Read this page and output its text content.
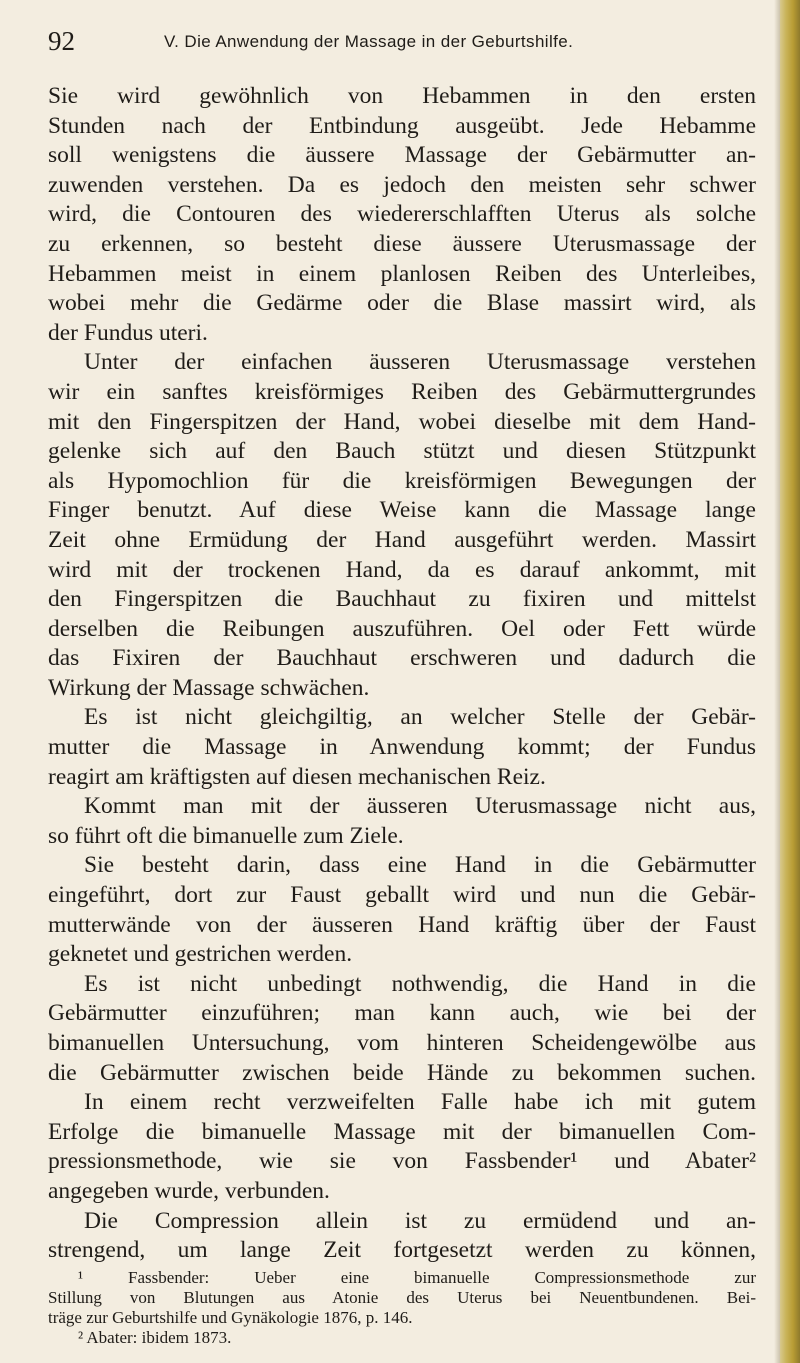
92	V. Die Anwendung der Massage in der Geburtshilfe.
Sie wird gewöhnlich von Hebammen in den ersten
Stunden nach der Entbindung ausgeübt. Jede Hebamme
soll wenigstens die äussere Massage der Gebärmutter an-
zuwenden verstehen. Da es jedoch den meisten sehr schwer
wird, die Contouren des wiedererschlafften Uterus als solche
zu erkennen, so besteht diese äussere Uterusmassage der
Hebammen meist in einem planlosen Reiben des Unterleibes,
wobei mehr die Gedärme oder die Blase massirt wird, als
der Fundus uteri.
Unter der einfachen äusseren Uterusmassage verstehen
wir ein sanftes kreisförmiges Reiben des Gebärmuttergrundes
mit den Fingerspitzen der Hand, wobei dieselbe mit dem Hand-
gelenke sich auf den Bauch stützt und diesen Stützpunkt
als Hypomochlion für die kreisförmigen Bewegungen der
Finger benutzt. Auf diese Weise kann die Massage lange
Zeit ohne Ermüdung der Hand ausgeführt werden. Massirt
wird mit der trockenen Hand, da es darauf ankommt, mit
den Fingerspitzen die Bauchhaut zu fixiren und mittelst
derselben die Reibungen auszuführen. Oel oder Fett würde
das Fixiren der Bauchhaut erschweren und dadurch die
Wirkung der Massage schwächen.
Es ist nicht gleichgiltig, an welcher Stelle der Gebär-
mutter die Massage in Anwendung kommt; der Fundus
reagirt am kräftigsten auf diesen mechanischen Reiz.
Kommt man mit der äusseren Uterusmassage nicht aus,
so führt oft die bimanuelle zum Ziele.
Sie besteht darin, dass eine Hand in die Gebärmutter
eingeführt, dort zur Faust geballt wird und nun die Gebär-
mutterwände von der äusseren Hand kräftig über der Faust
geknetet und gestrichen werden.
Es ist nicht unbedingt nothwendig, die Hand in die
Gebärmutter einzuführen; man kann auch, wie bei der
bimanuellen Untersuchung, vom hinteren Scheidengewölbe aus
die Gebärmutter zwischen beide Hände zu bekommen suchen.
In einem recht verzweifelten Falle habe ich mit gutem
Erfolge die bimanuelle Massage mit der bimanuellen Com-
pressionsmethode, wie sie von Fassbender¹ und Abater²
angegeben wurde, verbunden.
Die Compression allein ist zu ermüdend und an-
strengend, um lange Zeit fortgesetzt werden zu können,
¹ Fassbender: Ueber eine bimanuelle Compressionsmethode zur
Stillung von Blutungen aus Atonie des Uterus bei Neuentbundenen. Bei-
träge zur Geburtshilfe und Gynäkologie 1876, p. 146.
² Abater: ibidem 1873.
